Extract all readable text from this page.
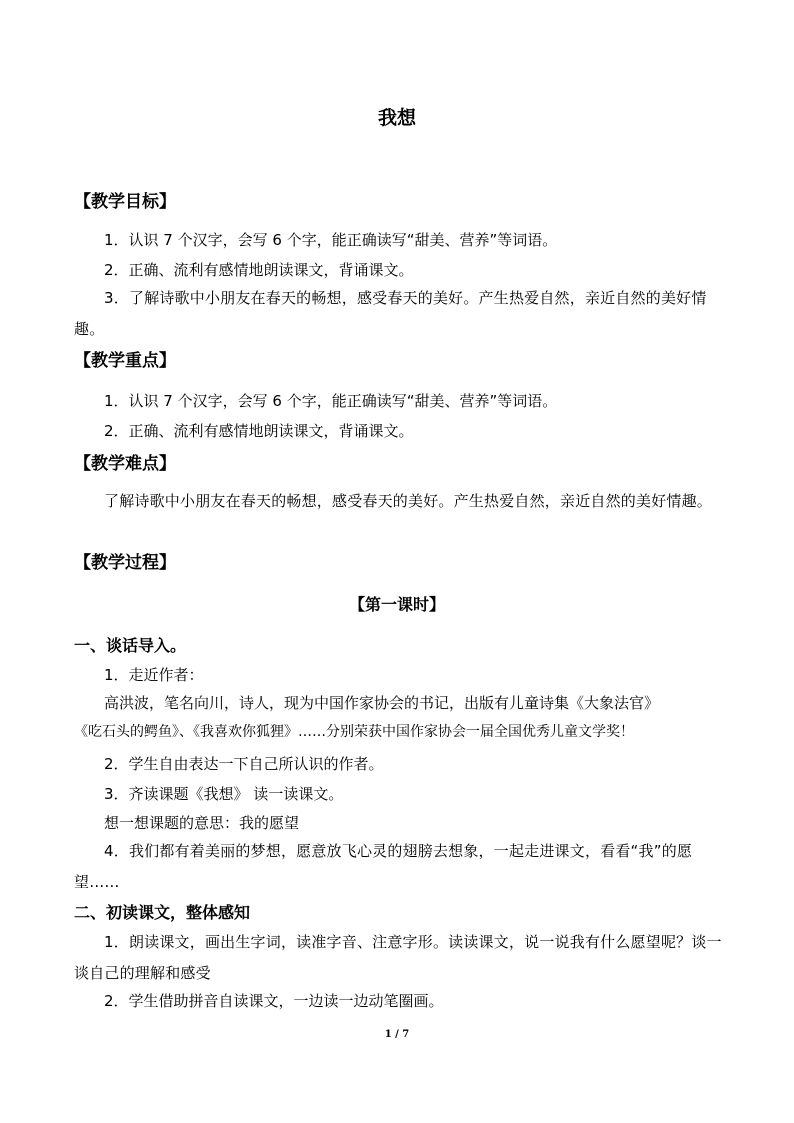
我想
【教学目标】
1．认识 7 个汉字，会写 6 个字，能正确读写“甜美、营养”等词语。
2．正确、流利有感情地朗读课文，背诵课文。
3．了解诗歌中小朋友在春天的畅想，感受春天的美好。产生热爱自然，亲近自然的美好情趣。
【教学重点】
1．认识 7 个汉字，会写 6 个字，能正确读写“甜美、营养”等词语。
2．正确、流利有感情地朗读课文，背诵课文。
【教学难点】
了解诗歌中小朋友在春天的畅想，感受春天的美好。产生热爱自然，亲近自然的美好情趣。
【教学过程】
【第一课时】
一、谈话导入。
1．走近作者：
高洪波，笔名向川，诗人，现为中国作家协会的书记，出版有儿童诗集《大象法官》
《吃石头的鳄鱼》、《我喜欢你狐狸》……分别荣获中国作家协会一届全国优秀儿童文学奖！
2．学生自由表达一下自己所认识的作者。
3．齐读课题《我想》 读一读课文。
想一想课题的意思：我的愿望
4．我们都有着美丽的梦想，愿意放飞心灵的翅膀去想象，一起走进课文，看看“我”的愿望……
二、初读课文，整体感知
1．朗读课文，画出生字词，读准字音、注意字形。读读课文，说一说我有什么愿望呢？谈一谈自己的理解和感受
2．学生借助拼音自读课文，一边读一边动笔圈画。
1 / 7
